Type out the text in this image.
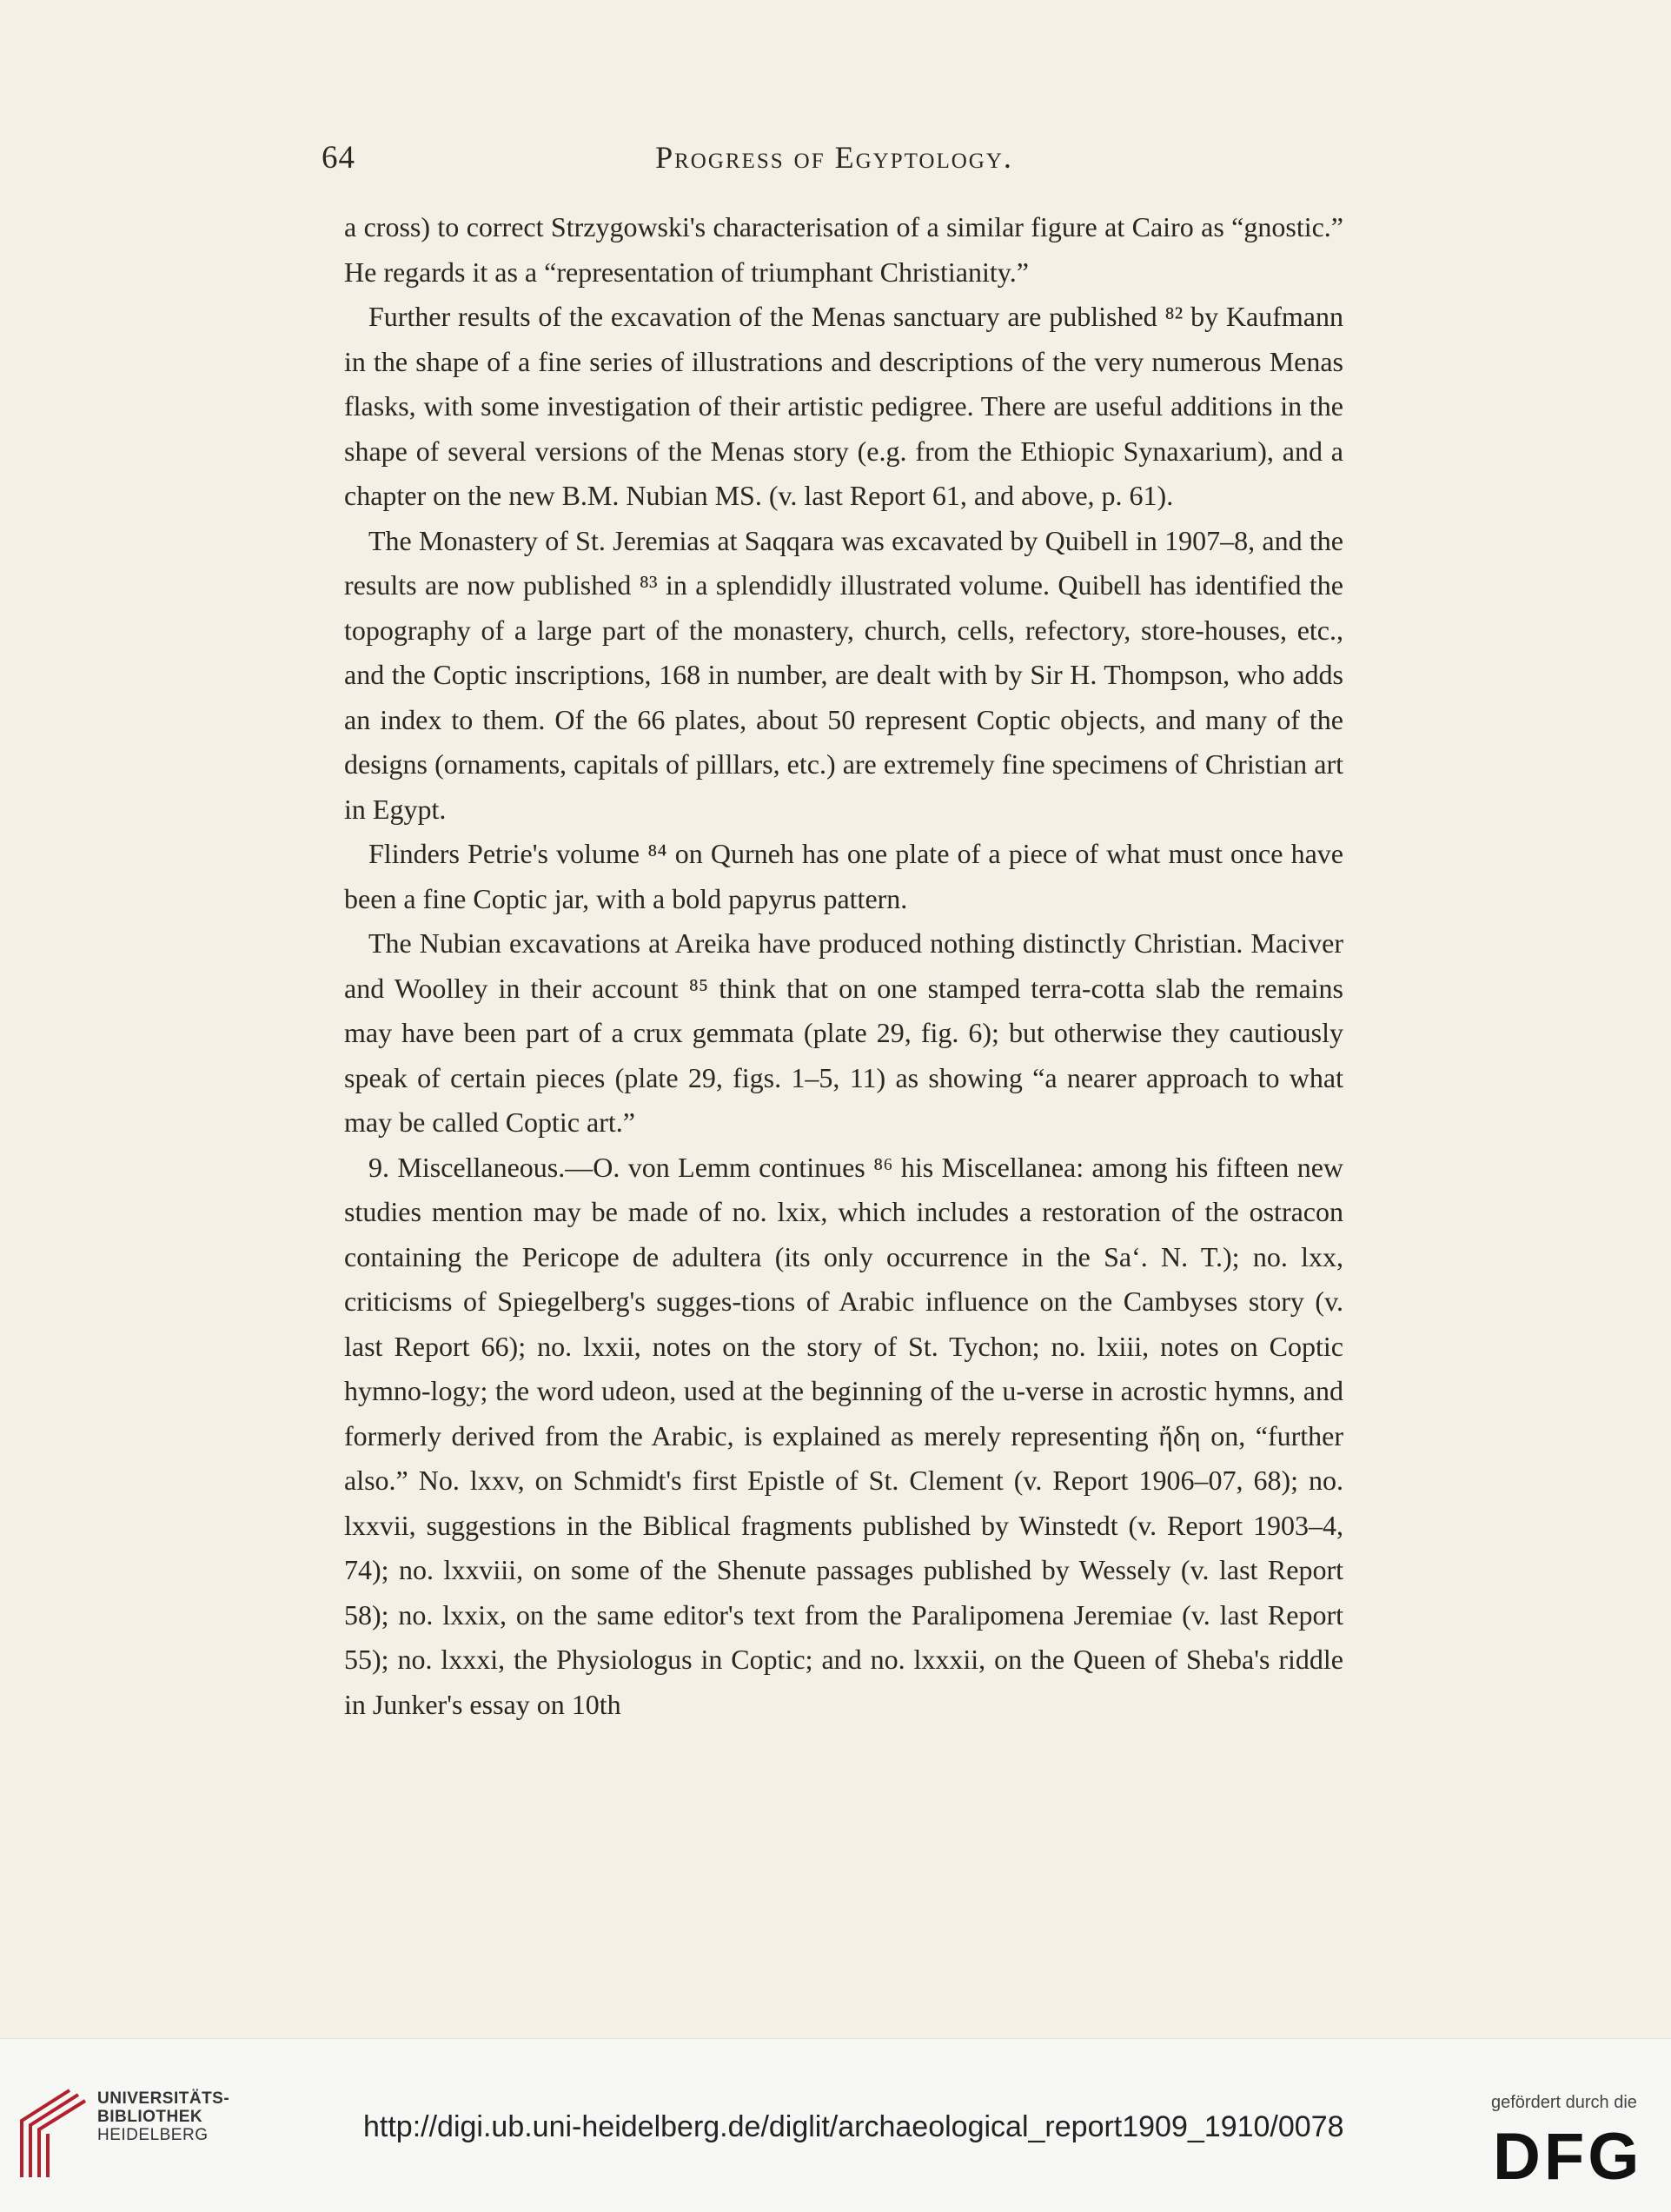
64	Progress of Egyptology.

a cross) to correct Strzygowski's characterisation of a similar figure at Cairo as “gnostic.” He regards it as a “representation of triumphant Christianity.”

Further results of the excavation of the Menas sanctuary are published ⁸² by Kaufmann in the shape of a fine series of illustrations and descriptions of the very numerous Menas flasks, with some investigation of their artistic pedigree. There are useful additions in the shape of several versions of the Menas story (e.g. from the Ethiopic Synaxarium), and a chapter on the new B.M. Nubian MS. (v. last Report 61, and above, p. 61).

The Monastery of St. Jeremias at Saqqara was excavated by Quibell in 1907–8, and the results are now published ⁸³ in a splendidly illustrated volume. Quibell has identified the topography of a large part of the monastery, church, cells, refectory, store-houses, etc., and the Coptic inscriptions, 168 in number, are dealt with by Sir H. Thompson, who adds an index to them. Of the 66 plates, about 50 represent Coptic objects, and many of the designs (ornaments, capitals of pilllars, etc.) are extremely fine specimens of Christian art in Egypt.

Flinders Petrie's volume ⁸⁴ on Qurneh has one plate of a piece of what must once have been a fine Coptic jar, with a bold papyrus pattern.

The Nubian excavations at Areika have produced nothing distinctly Christian. Maciver and Woolley in their account ⁸⁵ think that on one stamped terra-cotta slab the remains may have been part of a crux gemmata (plate 29, fig. 6); but otherwise they cautiously speak of certain pieces (plate 29, figs. 1–5, 11) as showing “a nearer approach to what may be called Coptic art.”

9. Miscellaneous.—O. von Lemm continues ⁸⁶ his Miscellanea: among his fifteen new studies mention may be made of no. lxix, which includes a restoration of the ostracon containing the Pericope de adultera (its only occurrence in the Sa‘. N. T.); no. lxx, criticisms of Spiegelberg's sugges-tions of Arabic influence on the Cambyses story (v. last Report 66); no. lxxii, notes on the story of St. Tychon; no. lxiii, notes on Coptic hymno-logy; the word udeon, used at the beginning of the u-verse in acrostic hymns, and formerly derived from the Arabic, is explained as merely representing ἤδη on, “further also.” No. lxxv, on Schmidt's first Epistle of St. Clement (v. Report 1906–07, 68); no. lxxvii, suggestions in the Biblical fragments published by Winstedt (v. Report 1903–4, 74); no. lxxviii, on some of the Shenute passages published by Wessely (v. last Report 58); no. lxxix, on the same editor's text from the Paralipomena Jeremiae (v. last Report 55); no. lxxxi, the Physiologus in Coptic; and no. lxxxii, on the Queen of Sheba's riddle in Junker's essay on 10th

UNIVERSITÄTS-
BIBLIOTHEK
HEIDELBERG	http://digi.ub.uni-heidelberg.de/diglit/archaeological_report1909_1910/0078
gefördert durch die
DFG
